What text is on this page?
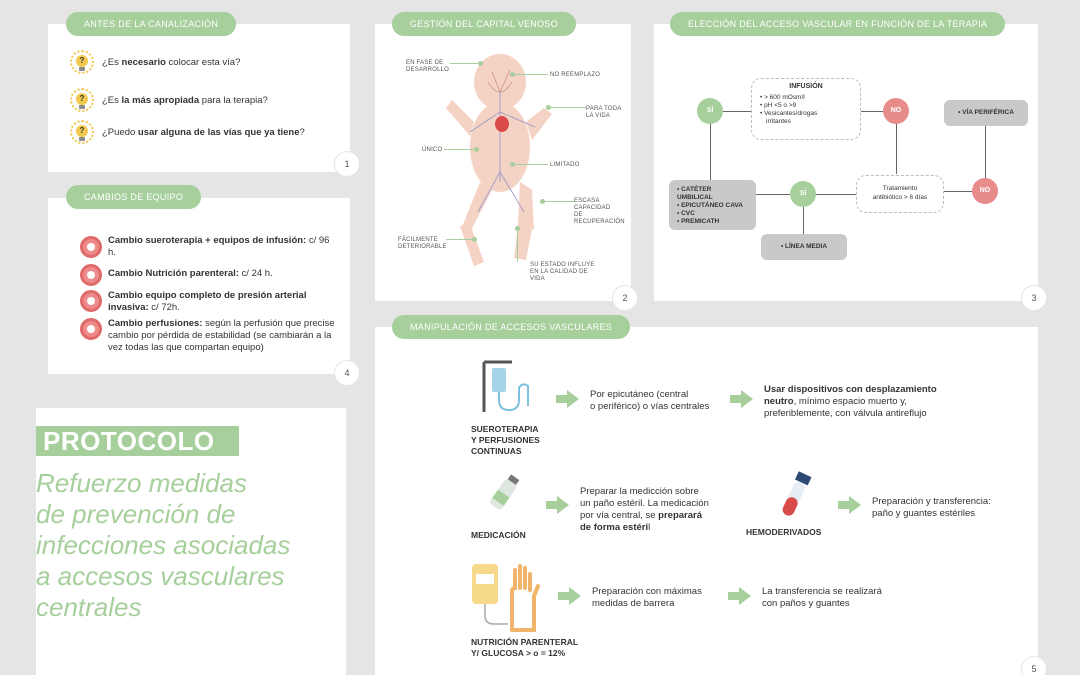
ANTES DE LA CANALIZACIÓN
?	¿Es necesario colocar esta vía?
?	¿Es la más apropiada para la terapia?
?	¿Puedo usar alguna de las vías que ya tiene?
1
CAMBIOS DE EQUIPO
Cambio sueroterapia + equipos de infusión: c/ 96 h.
Cambio Nutrición parenteral: c/ 24 h.
Cambio equipo completo de presión arterial invasiva: c/ 72h.
Cambio perfusiones: según la perfusión que precise cambio por pérdida de estabilidad (se cambiarán a la vez todas las que compartan equipo)
4
PROTOCOLO
Refuerzo medidas
de prevención de
infecciones asociadas
a accesos vasculares
centrales
GESTIÓN DEL CAPITAL VENOSO
EN FASE DE
DESARROLLO
NO REEMPLAZO
PARA TODA
LA VIDA
ÚNICO
LIMITADO
ESCASA
CAPACIDAD
DE
RECUPERACIÓN
FÁCILMENTE
DETERIORABLE
SU ESTADO INFLUYE
EN LA CALIDAD DE
VIDA
2
ELECCIÓN DEL ACCESO VASCULAR EN FUNCIÓN DE LA TERAPIA
SÍ	NO
NO
SÍ
INFUSIÓN
• > 600 mOsm/l
• pH <5 o >9
• Vesicantes/drogas
irritantes
• VÍA PERIFÉRICA
• CATÉTER UMBILICAL
• EPICUTÁNEO CAVA
• CVC
• PREMICATH
Tratamiento
antibiótico > 6 días
• LÍNEA MEDIA
3
MANIPULACIÓN DE ACCESOS VASCULARES
SUEROTERAPIA
Y PERFUSIONES
CONTINUAS
Por epicutáneo (central
o periférico) o vías centrales
Usar dispositivos con desplazamiento
neutro, mínimo espacio muerto y,
preferiblemente, con válvula antireflujo
MEDICACIÓN
Preparar la medicción sobre
un paño estéril. La medicación
por vía central, se preparará
de forma estéril	HEMODERIVADOS
Preparación y transferencia:
paño y guantes estériles
NUTRICIÓN PARENTERAL
Y/ GLUCOSA > o = 12%
Preparación con máximas
medidas de barrera
La transferencia se realizará
con paños y guantes
5
